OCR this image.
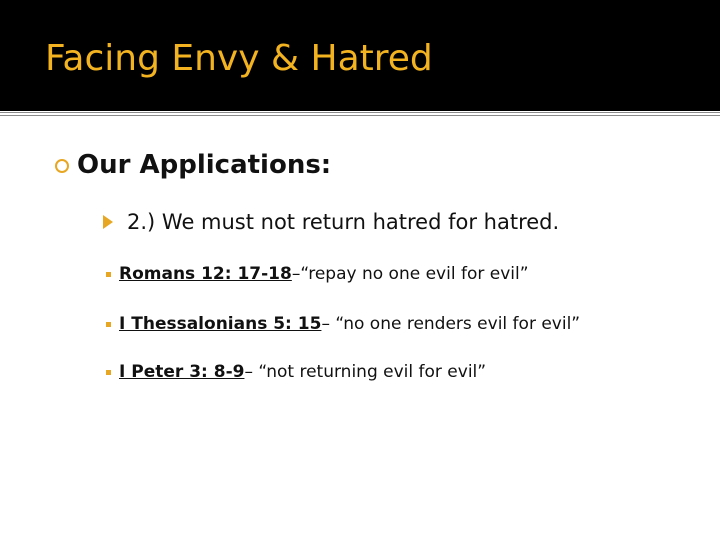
Facing Envy & Hatred
Our Applications:
2.) We must not return hatred for hatred.
Romans 12: 17-18 –“repay no one evil for evil”
I Thessalonians 5: 15 – “no one renders evil for evil”
I Peter 3: 8-9 – “not returning evil for evil”
